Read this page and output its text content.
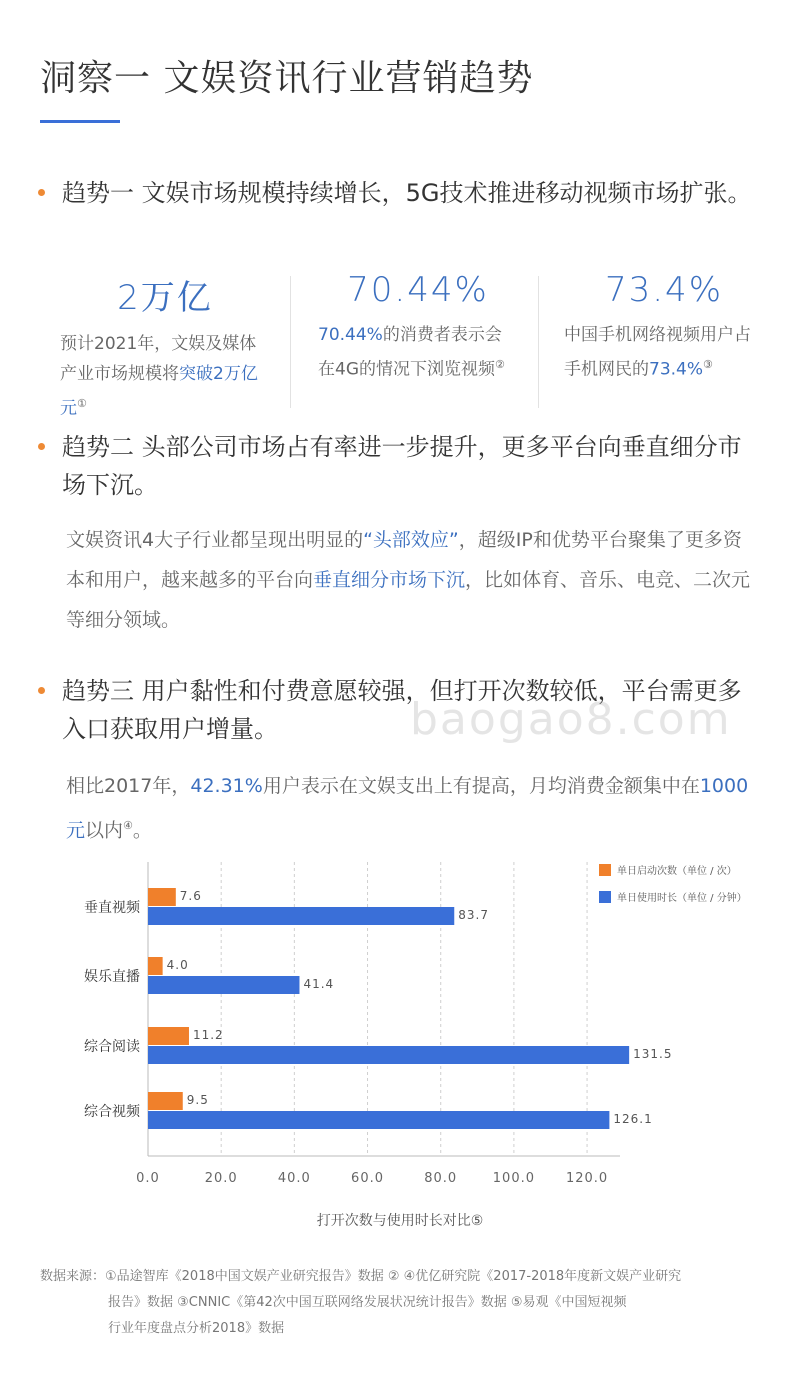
洞察一 文娱资讯行业营销趋势
趋势一 文娱市场规模持续增长，5G技术推进移动视频市场扩张。
2万亿
预计2021年，文娱及媒体产业市场规模将突破2万亿元①
70.44%
70.44%的消费者表示会在4G的情况下浏览视频②
73.4%
中国手机网络视频用户占手机网民的73.4%③
趋势二 头部公司市场占有率进一步提升，更多平台向垂直细分市场下沉。
文娱资讯4大子行业都呈现出明显的“头部效应”，超级IP和优势平台聚集了更多资本和用户，越来越多的平台向垂直细分市场下沉，比如体育、音乐、电竞、二次元等细分领域。
趋势三 用户黏性和付费意愿较强，但打开次数较低，平台需更多入口获取用户增量。	baogao8.com
相比2017年，42.31%用户表示在文娱支出上有提高，月均消费金额集中在1000元以内④。
0.0	20.0	40.0	60.0	80.0	100.0 120.0
垂直视频
7.6
83.7
娱乐直播
4.0
41.4
综合阅读
11.2
131.5
综合视频
9.5
126.1
单日启动次数（单位 / 次）
单日使用时长（单位 / 分钟）
打开次数与使用时长对比⑤
数据来源：①品途智库《2018中国文娱产业研究报告》数据 ② ④优亿研究院《2017-2018年度新文娱产业研究
报告》数据 ③CNNIC《第42次中国互联网络发展状况统计报告》数据 ⑤易观《中国短视频
行业年度盘点分析2018》数据
